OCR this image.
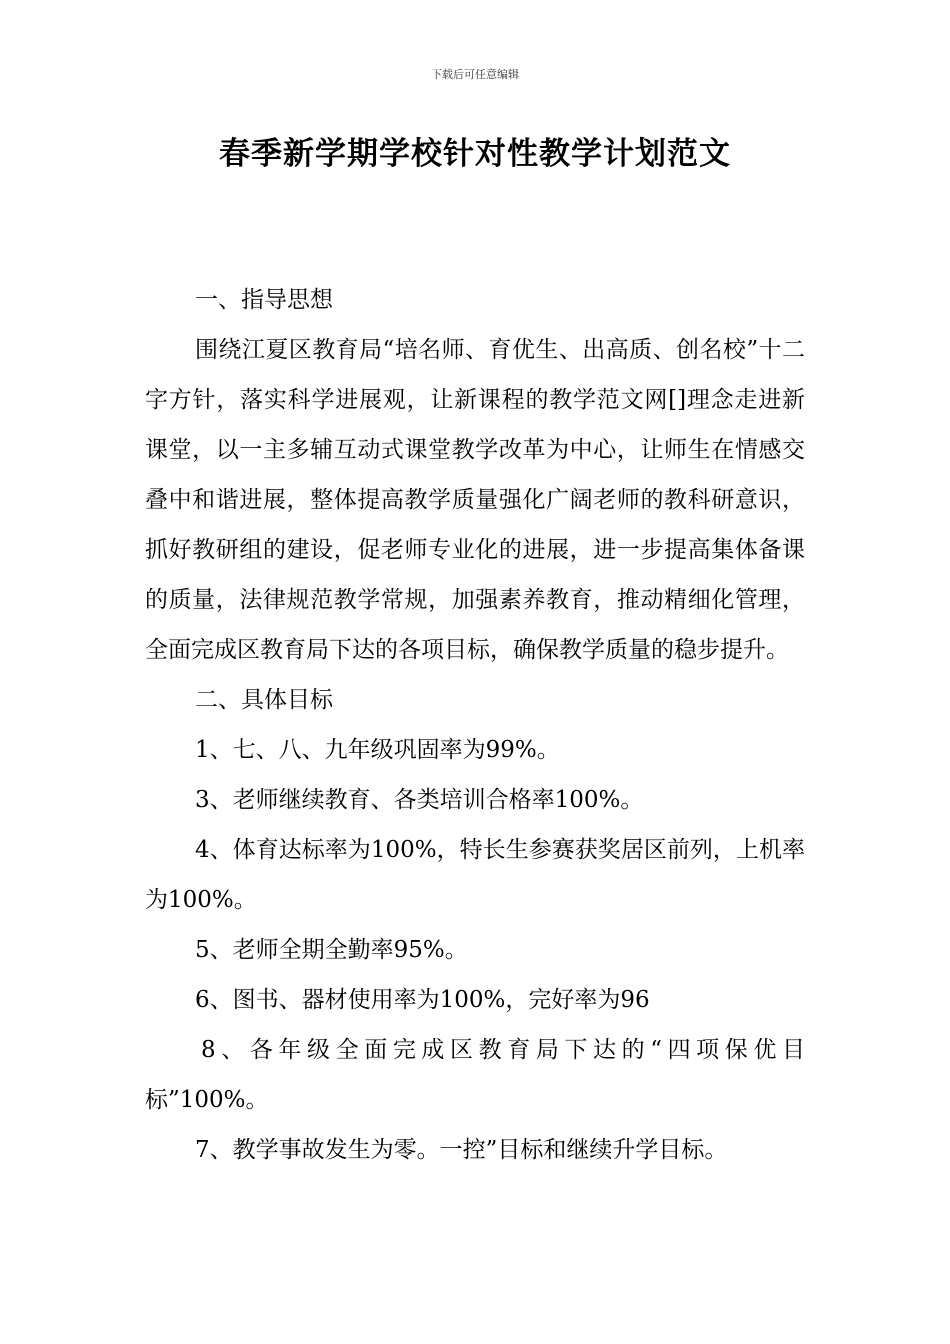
下载后可任意编辑
春季新学期学校针对性教学计划范文

一、指导思想

围绕江夏区教育局“培名师、育优生、出高质、创名校”十二字方针，落实科学进展观，让新课程的教学范文网[]理念走进新课堂，以一主多辅互动式课堂教学改革为中心，让师生在情感交叠中和谐进展，整体提高教学质量强化广阔老师的教科研意识，抓好教研组的建设，促老师专业化的进展，进一步提高集体备课的质量，法律规范教学常规，加强素养教育，推动精细化管理，全面完成区教育局下达的各项目标，确保教学质量的稳步提升。

二、具体目标

1、七、八、九年级巩固率为99%。

3、老师继续教育、各类培训合格率100%。

4、体育达标率为100%，特长生参赛获奖居区前列，上机率为100%。

5、老师全期全勤率95%。

6、图书、器材使用率为100%，完好率为96

8、各年级全面完成区教育局下达的“四项保优目标”100%。

7、教学事故发生为零。一控”目标和继续升学目标。
